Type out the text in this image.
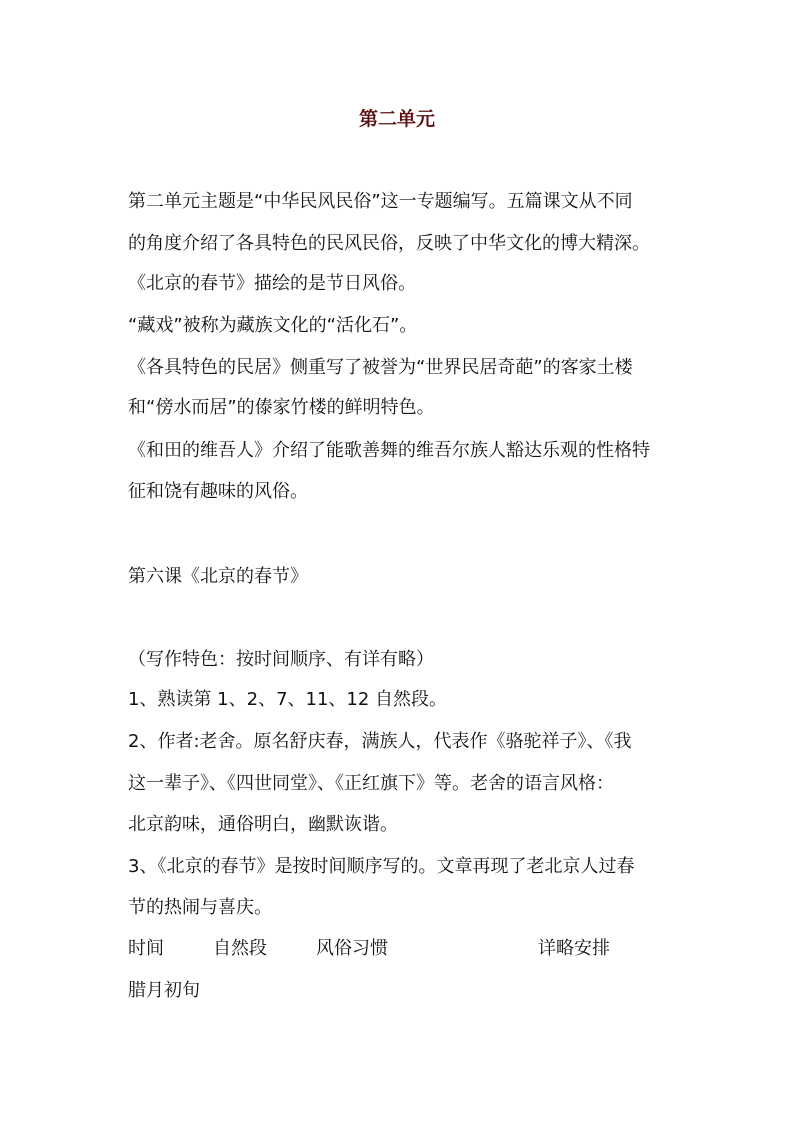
第二单元
第二单元主题是“中华民风民俗”这一专题编写。五篇课文从不同
的角度介绍了各具特色的民风民俗，反映了中华文化的博大精深。
《北京的春节》描绘的是节日风俗。
“藏戏”被称为藏族文化的“活化石”。
《各具特色的民居》侧重写了被誉为“世界民居奇葩”的客家土楼
和“傍水而居”的傣家竹楼的鲜明特色。
《和田的维吾人》介绍了能歌善舞的维吾尔族人豁达乐观的性格特
征和饶有趣味的风俗。
第六课《北京的春节》
（写作特色：按时间顺序、有详有略）
1、熟读第 1、2、7、11、12 自然段。
2、作者:老舍。原名舒庆春，满族人，代表作《骆驼祥子》、《我
这一辈子》、《四世同堂》、《正红旗下》等。老舍的语言风格：
北京韵味，通俗明白，幽默诙谐。
3、《北京的春节》是按时间顺序写的。文章再现了老北京人过春
节的热闹与喜庆。
时间	自然段	风俗习惯	详略安排
腊月初旬
